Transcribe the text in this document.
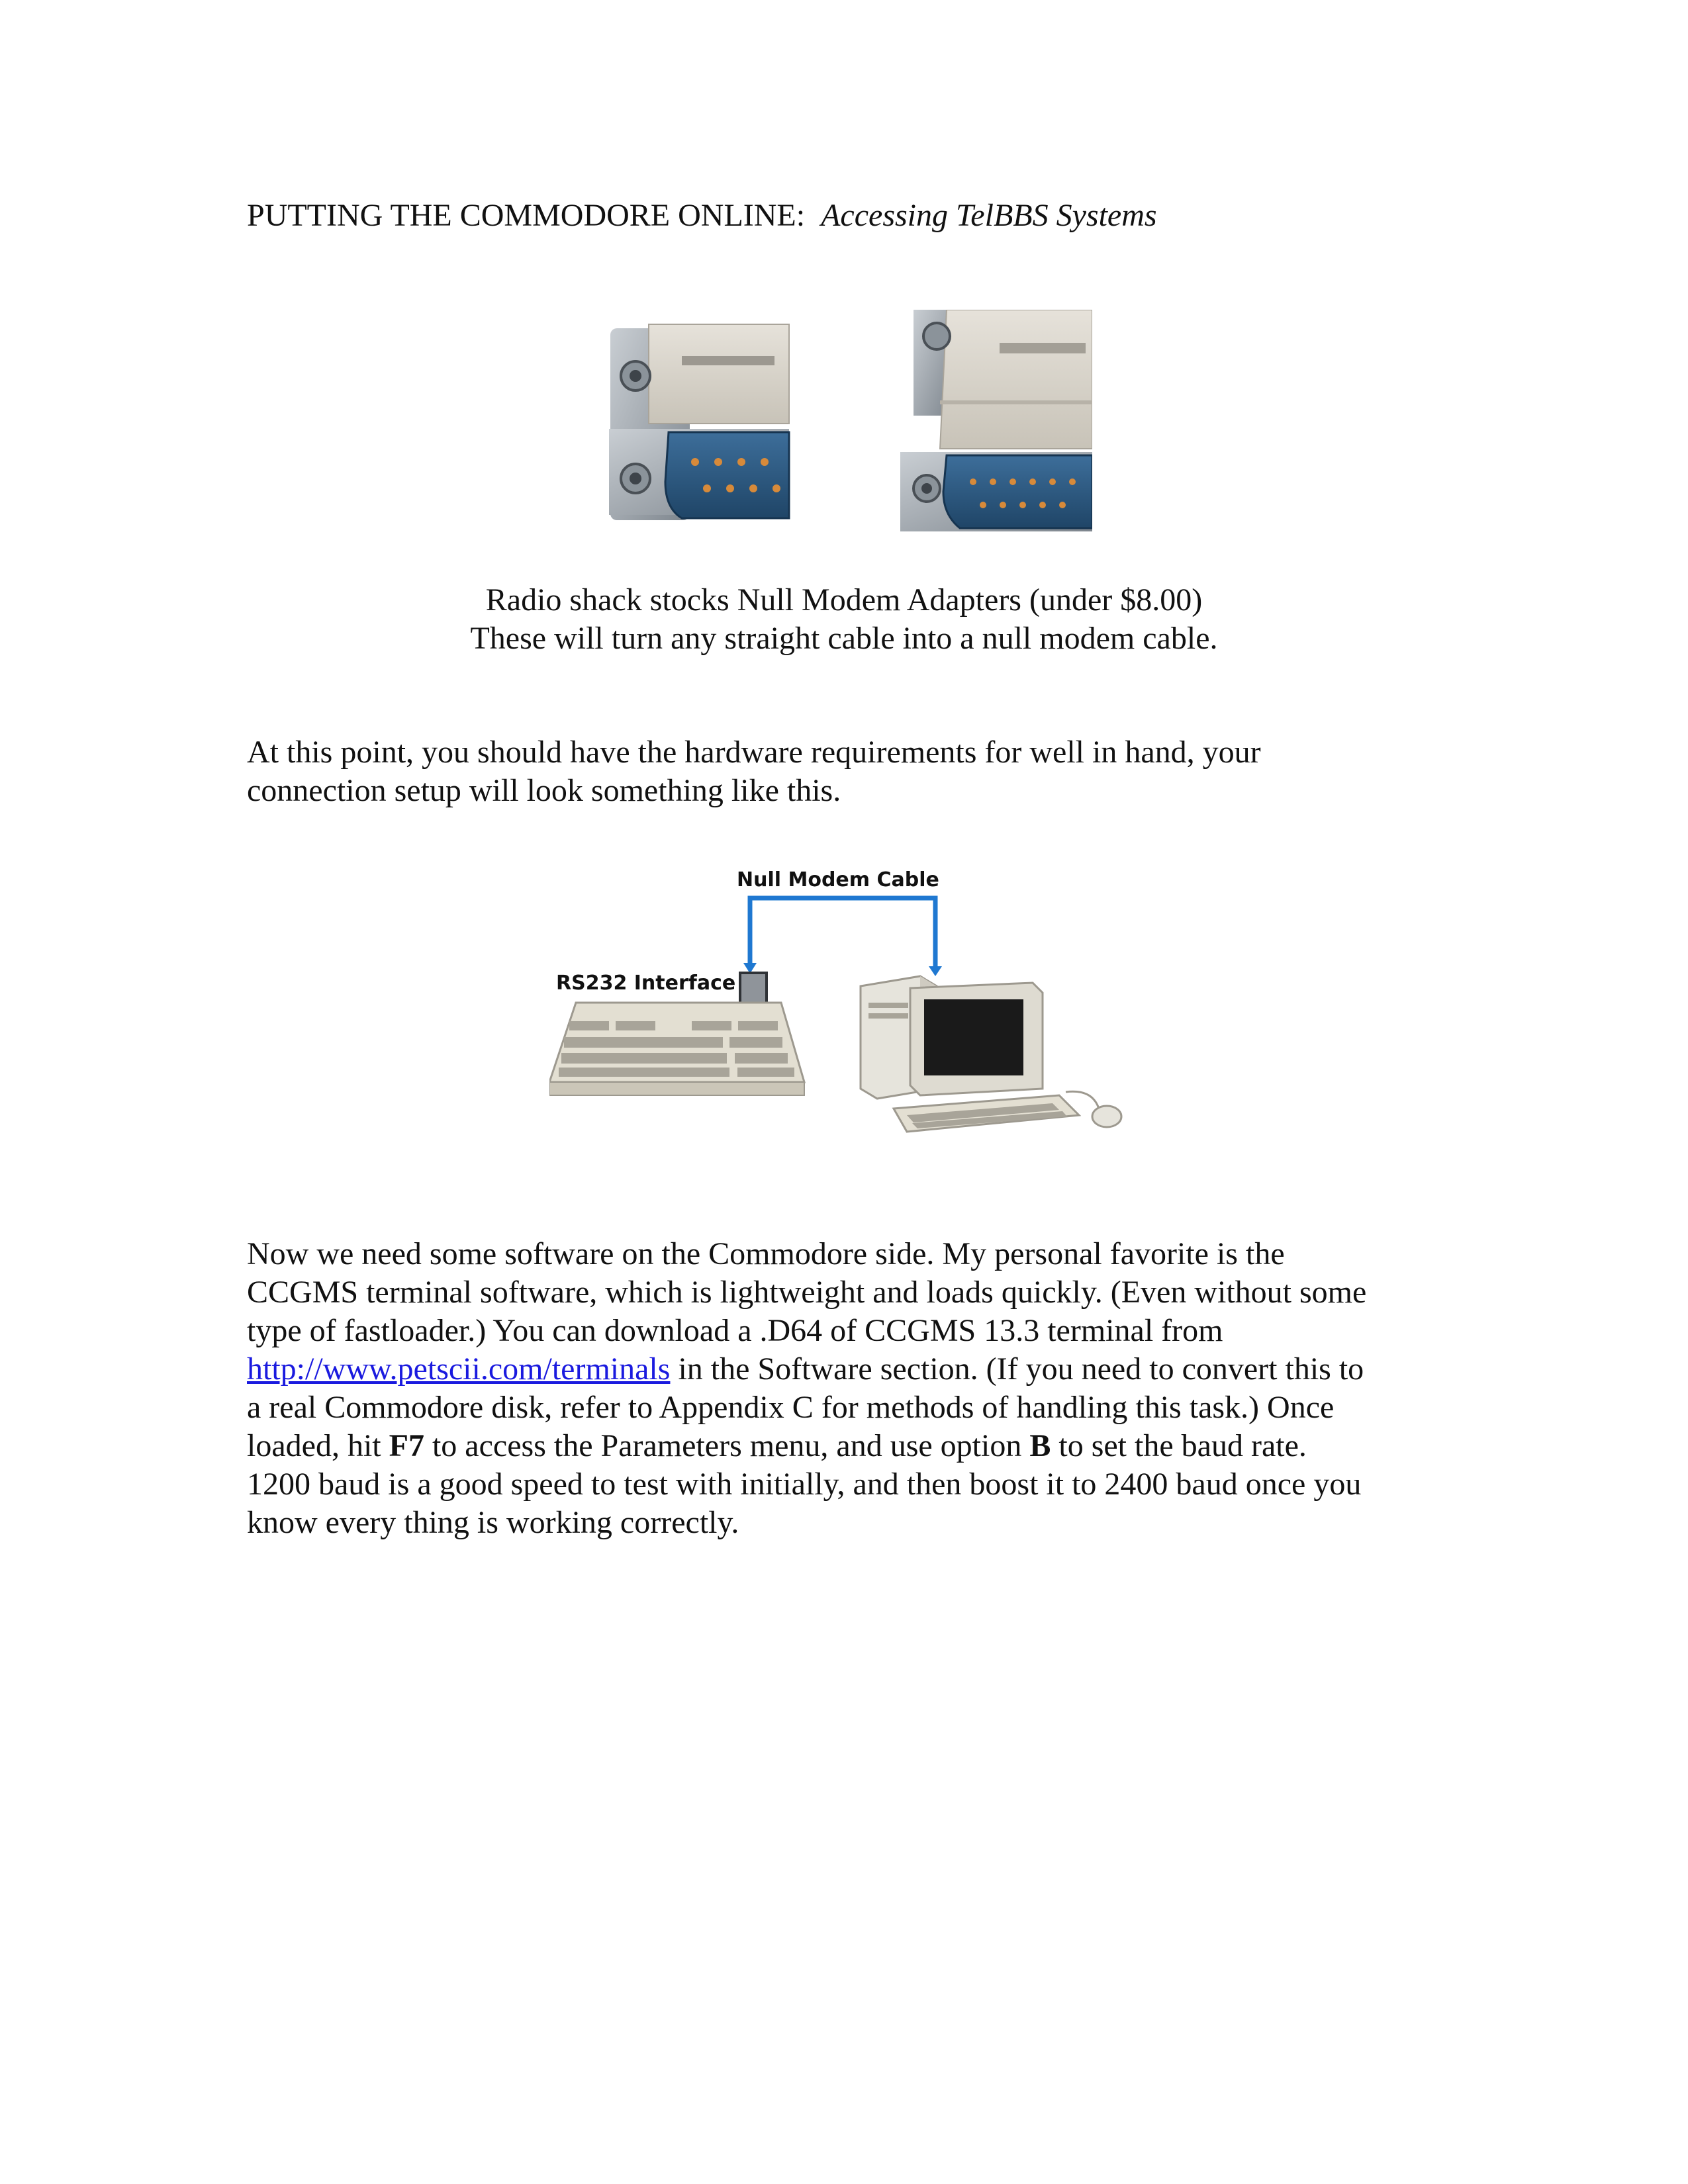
PUTTING THE COMMODORE ONLINE: Accessing TelBBS Systems
Radio shack stocks Null Modem Adapters (under $8.00)
These will turn any straight cable into a null modem cable.
At this point, you should have the hardware requirements for well in hand, your
connection setup will look something like this.
Null Modem Cable
RS232 Interface
Now we need some software on the Commodore side. My personal favorite is the
CCGMS terminal software, which is lightweight and loads quickly. (Even without some
type of fastloader.) You can download a .D64 of CCGMS 13.3 terminal from
http://www.petscii.com/terminals in the Software section. (If you need to convert this to
a real Commodore disk, refer to Appendix C for methods of handling this task.) Once
loaded, hit F7 to access the Parameters menu, and use option B to set the baud rate.
1200 baud is a good speed to test with initially, and then boost it to 2400 baud once you
know every thing is working correctly.
